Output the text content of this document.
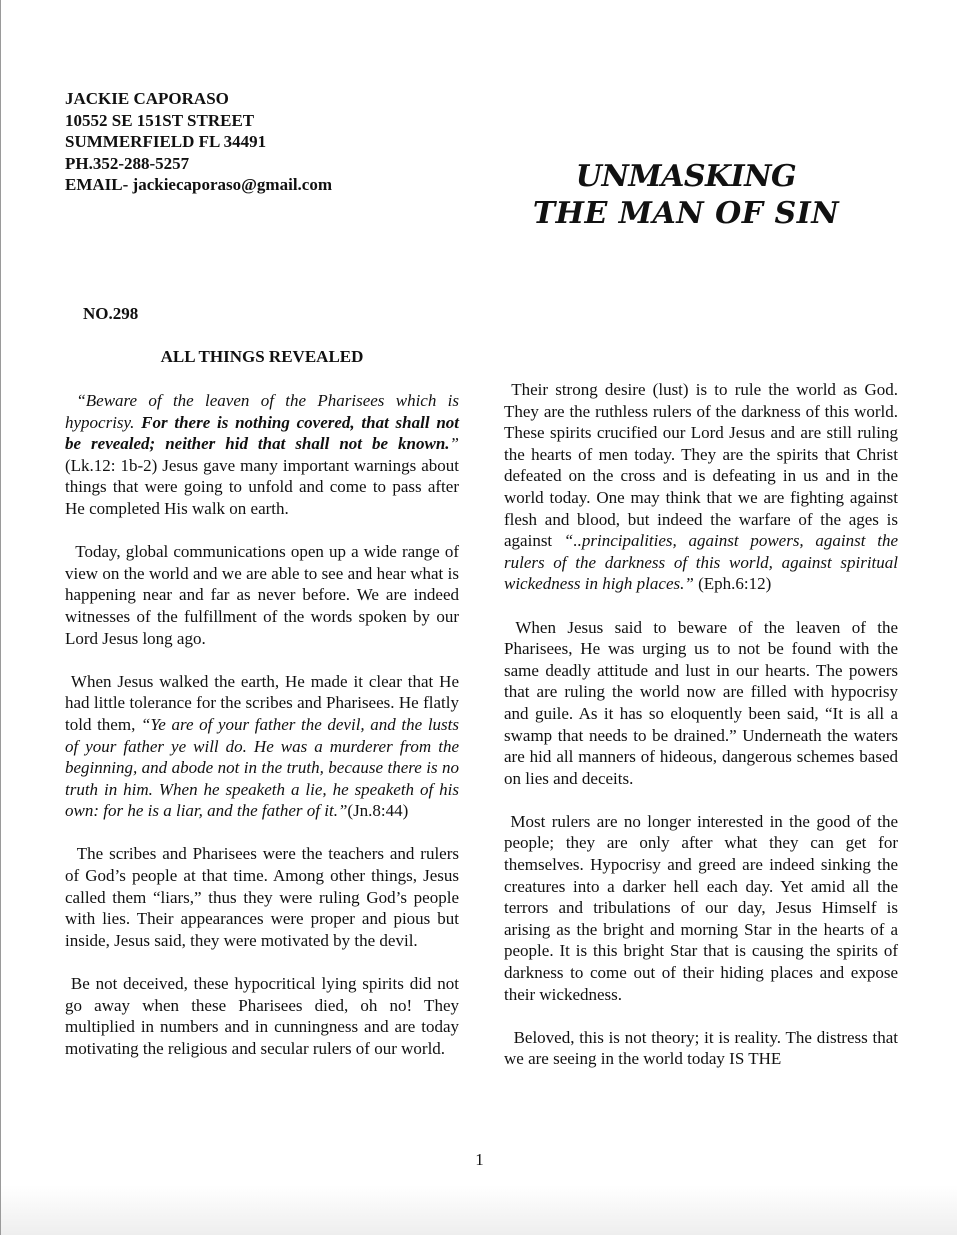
JACKIE CAPORASO
10552 SE 151ST STREET
SUMMERFIELD FL 34491
PH.352-288-5257
EMAIL- jackiecaporaso@gmail.com	UNMASKING
THE MAN OF SIN
NO.298
ALL THINGS REVEALED

“Beware of the leaven of the Pharisees which is hypocrisy. For there is nothing covered, that shall not be revealed; neither hid that shall not be known.” (Lk.12: 1b-2) Jesus gave many important warnings about things that were going to unfold and come to pass after He completed His walk on earth.

Today, global communications open up a wide range of view on the world and we are able to see and hear what is happening near and far as never before. We are indeed witnesses of the fulfillment of the words spoken by our Lord Jesus long ago.

When Jesus walked the earth, He made it clear that He had little tolerance for the scribes and Pharisees. He flatly told them, “Ye are of your father the devil, and the lusts of your father ye will do. He was a murderer from the beginning, and abode not in the truth, because there is no truth in him. When he speaketh a lie, he speaketh of his own: for he is a liar, and the father of it.”(Jn.8:44)

The scribes and Pharisees were the teachers and rulers of God’s people at that time. Among other things, Jesus called them “liars,” thus they were ruling God’s people with lies. Their appearances were proper and pious but inside, Jesus said, they were motivated by the devil.

Be not deceived, these hypocritical lying spirits did not go away when these Pharisees died, oh no! They multiplied in numbers and in cunningness and are today motivating the religious and secular rulers of our world.

Their strong desire (lust) is to rule the world as God. They are the ruthless rulers of the darkness of this world. These spirits crucified our Lord Jesus and are still ruling the hearts of men today. They are the spirits that Christ defeated on the cross and is defeating in us and in the world today. One may think that we are fighting against flesh and blood, but indeed the warfare of the ages is against “..principalities, against powers, against the rulers of the darkness of this world, against spiritual wickedness in high places.” (Eph.6:12)

When Jesus said to beware of the leaven of the Pharisees, He was urging us to not be found with the same deadly attitude and lust in our hearts. The powers that are ruling the world now are filled with hypocrisy and guile. As it has so eloquently been said, “It is all a swamp that needs to be drained.” Underneath the waters are hid all manners of hideous, dangerous schemes based on lies and deceits.

Most rulers are no longer interested in the good of the people; they are only after what they can get for themselves. Hypocrisy and greed are indeed sinking the creatures into a darker hell each day. Yet amid all the terrors and tribulations of our day, Jesus Himself is arising as the bright and morning Star in the hearts of a people. It is this bright Star that is causing the spirits of darkness to come out of their hiding places and expose their wickedness.

Beloved, this is not theory; it is reality. The distress that we are seeing in the world today IS THE

1
